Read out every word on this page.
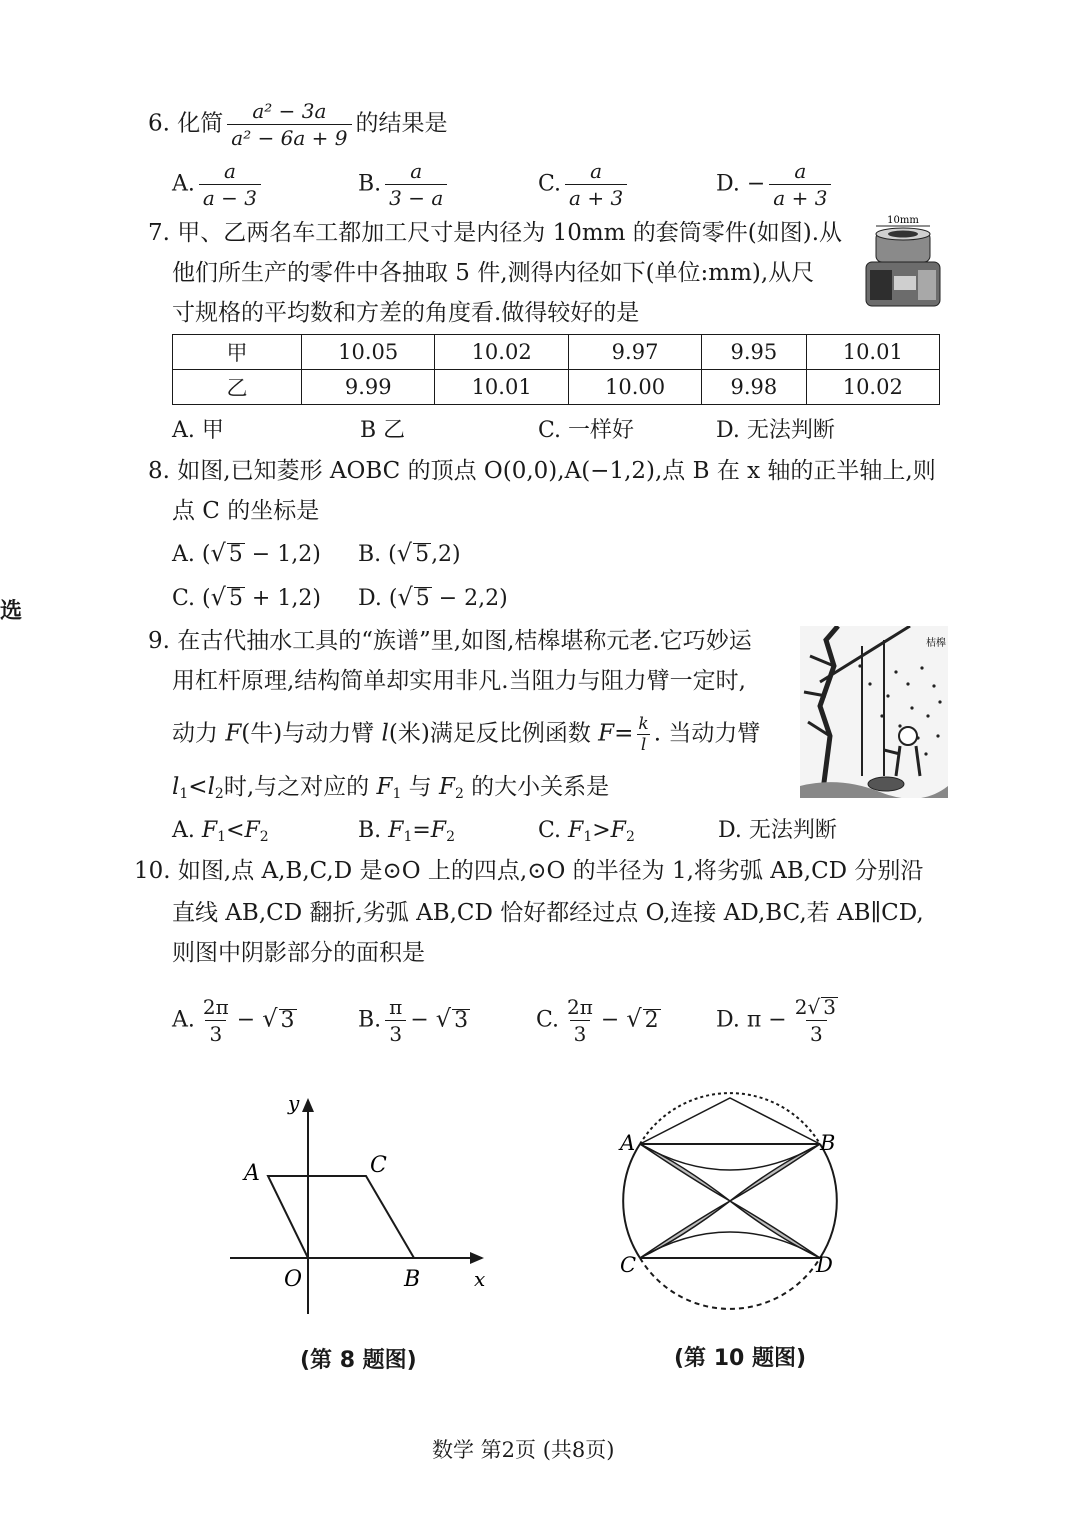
选
6. 化简 $\frac{\text{a² − 3a}}{\text{a² − 6a + 9}}$ 的结果是
A. $\frac{a}{a - 3}$	B. $\frac{a}{3 - a}$	C. $\frac{a}{a + 3}$	D. − $\frac{a}{a + 3}$
7. 甲、乙两名车工都加工尺寸是内径为 10mm 的套筒零件(如图).从
他们所生产的零件中各抽取 5 件,测得内径如下(单位:mm),从尺
寸规格的平均数和方差的角度看.做得较好的是
10mm
甲	10.05	10.02	9.97	9.95	10.01
乙	9.99	10.01	10.00	9.98	10.02
A. 甲	B 乙	C. 一样好	D. 无法判断
8. 如图,已知菱形 AOBC 的顶点 O(0,0),A(−1,2),点 B 在 x 轴的正半轴上,则
点 C 的坐标是
A. (√ 5 − 1,2) B. (√ 5,2)
C. (√ 5 + 1,2) D. (√ 5 − 2,2)
9. 在古代抽水工具的“族谱”里,如图,桔槔堪称元老.它巧妙运
用杠杆原理,结构简单却实用非凡.当阻力与阻力臂一定时,
动力 F(牛)与动力臂 l(米)满足反比例函数 $F= \frac{k}{l}$ . 当动力臂
$l_1<l_2$时,与之对应的 $F_1$ 与 $F_2$ 的大小关系是
A. $F_1<F_2$	B. $F_1=F_2$	C. $F_1>F_2$	D. 无法判断
桔槔
10. 如图,点 A,B,C,D 是⊙O 上的四点,⊙O 的半径为 1,将劣弧 AB,CD 分别沿
直线 AB,CD 翻折,劣弧 AB,CD 恰好都经过点 O,连接 AD,BC,若 AB∥CD,
则图中阴影部分的面积是
A. $\frac{2\pi}{3}$ − √ 3	B. $\frac{\pi}{3}$ − √ 3	C. $\frac{2\pi}{3}$ − √ 2	D. $\pi - \frac{2√ 3}{3}$
y
x
A	C
O	B
(第 8 题图)
A	B
C	D
(第 10 题图)
数学 第2页 (共8页)
